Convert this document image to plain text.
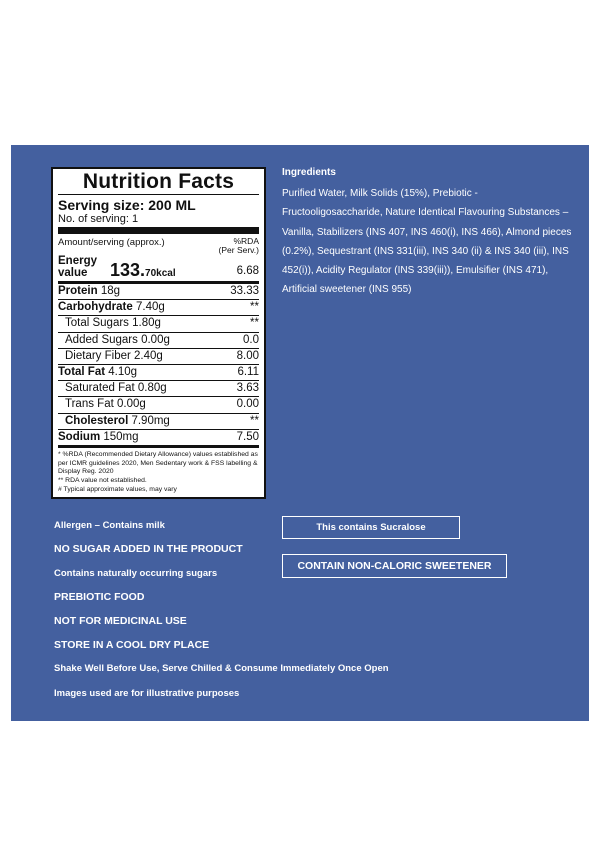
Nutrition Facts
Serving size: 200 ML
No. of serving: 1
Amount/serving (approx.)	%RDA
(Per Serv.)
Energy
value	133.70kcal	6.68
Protein 18g	33.33
Carbohydrate 7.40g	**
Total Sugars 1.80g	**
Added Sugars 0.00g	0.0
Dietary Fiber 2.40g	8.00
Total Fat 4.10g	6.11
Saturated Fat 0.80g	3.63
Trans Fat 0.00g	0.00
Cholesterol 7.90mg	**
Sodium 150mg	7.50
* %RDA (Recommended Dietary Allowance) values established as per ICMR guidelines 2020, Men Sedentary work & FSS labelling & Display Reg. 2020
** RDA value not established.
# Typical approximate values, may vary
Ingredients
Purified Water, Milk Solids (15%), Prebiotic - Fructooligosaccharide, Nature Identical Flavouring Substances – Vanilla, Stabilizers (INS 407, INS 460(i), INS 466), Almond pieces (0.2%), Sequestrant (INS 331(iii), INS 340 (ii) & INS 340 (iii), INS 452(i)), Acidity Regulator (INS 339(iii)), Emulsifier (INS 471), Artificial sweetener (INS 955)
Allergen – Contains milk
NO SUGAR ADDED IN THE PRODUCT
Contains naturally occurring sugars
PREBIOTIC FOOD
NOT FOR MEDICINAL USE
STORE IN A COOL DRY PLACE
Shake Well Before Use, Serve Chilled & Consume Immediately Once Open
Images used are for illustrative purposes
This contains Sucralose
CONTAIN NON-CALORIC SWEETENER
